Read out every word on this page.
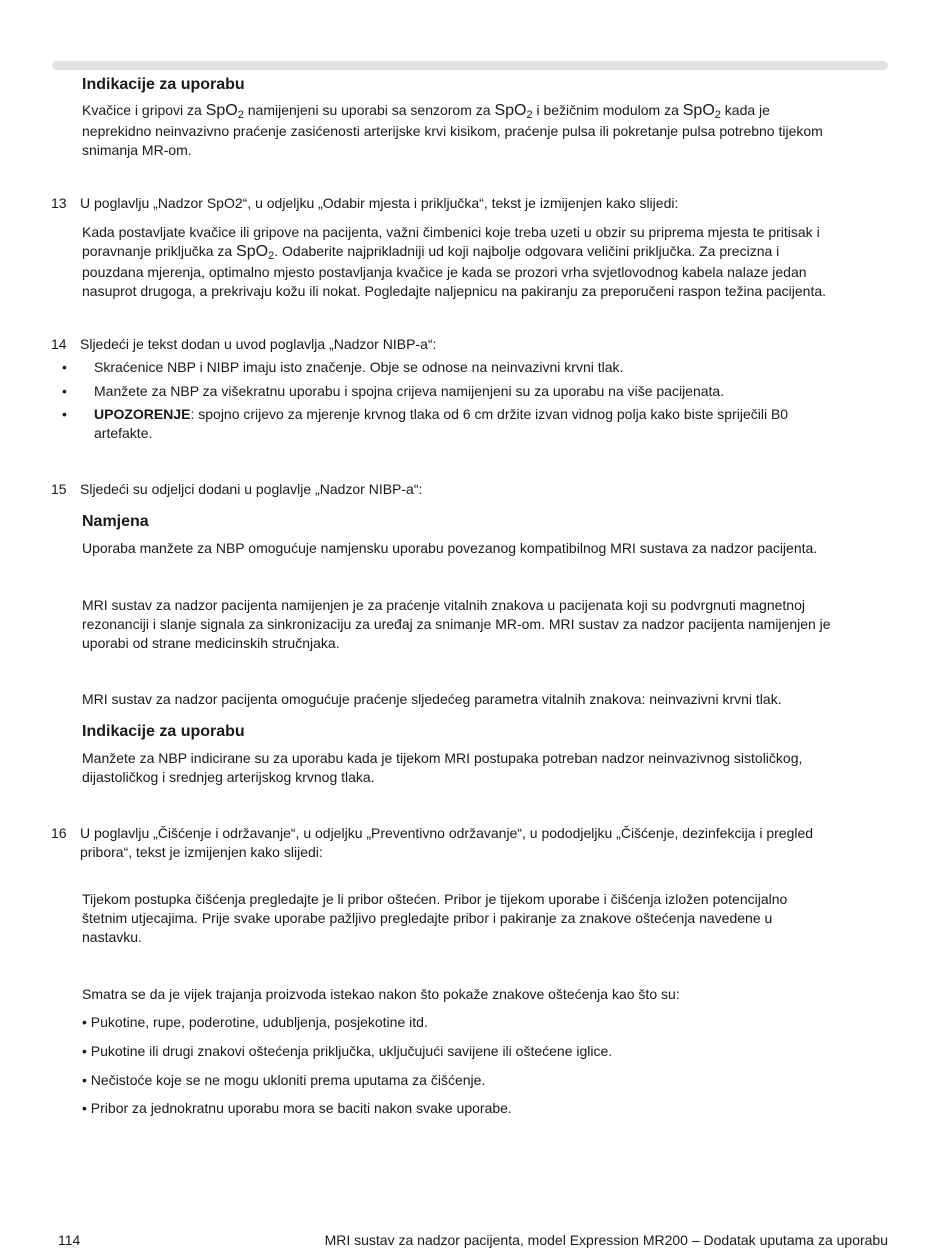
Indikacije za uporabu
Kvačice i gripovi za SpO$_2$ namijenjeni su uporabi sa senzorom za SpO$_2$ i bežičnim modulom za SpO$_2$ kada je
neprekidno neinvazivno praćenje zasićenosti arterijske krvi kisikom, praćenje pulsa ili pokretanje pulsa potrebno tijekom
snimanja MR-om.
13 U poglavlju „Nadzor SpO2“, u odjeljku „Odabir mjesta i priključka“, tekst je izmijenjen kako slijedi:
Kada postavljate kvačice ili gripove na pacijenta, važni čimbenici koje treba uzeti u obzir su priprema mjesta te pritisak i
poravnanje priključka za SpO$_2$. Odaberite najprikladniji ud koji najbolje odgovara veličini priključka. Za precizna i
pouzdana mjerenja, optimalno mjesto postavljanja kvačice je kada se prozori vrha svjetlovodnog kabela nalaze jedan
nasuprot drugoga, a prekrivaju kožu ili nokat. Pogledajte naljepnicu na pakiranju za preporučeni raspon težina pacijenta.
14 Sljedeći je tekst dodan u uvod poglavlja „Nadzor NIBP-a“:
• Skraćenice NBP i NIBP imaju isto značenje. Obje se odnose na neinvazivni krvni tlak.
• Manžete za NBP za višekratnu uporabu i spojna crijeva namijenjeni su za uporabu na više pacijenata.
• UPOZORENJE: spojno crijevo za mjerenje krvnog tlaka od 6 cm držite izvan vidnog polja kako biste spriječili B0
artefakte.
15 Sljedeći su odjeljci dodani u poglavlje „Nadzor NIBP-a“:
Namjena
Uporaba manžete za NBP omogućuje namjensku uporabu povezanog kompatibilnog MRI sustava za nadzor pacijenta.
MRI sustav za nadzor pacijenta namijenjen je za praćenje vitalnih znakova u pacijenata koji su podvrgnuti magnetnoj
rezonanciji i slanje signala za sinkronizaciju za uređaj za snimanje MR-om. MRI sustav za nadzor pacijenta namijenjen je
uporabi od strane medicinskih stručnjaka.
MRI sustav za nadzor pacijenta omogućuje praćenje sljedećeg parametra vitalnih znakova: neinvazivni krvni tlak.
Indikacije za uporabu
Manžete za NBP indicirane su za uporabu kada je tijekom MRI postupaka potreban nadzor neinvazivnog sistoličkog,
dijastoličkog i srednjeg arterijskog krvnog tlaka.
16 U poglavlju „Čišćenje i održavanje“, u odjeljku „Preventivno održavanje“, u pododjeljku „Čišćenje, dezinfekcija i pregled
pribora“, tekst je izmijenjen kako slijedi:
Tijekom postupka čišćenja pregledajte je li pribor oštećen. Pribor je tijekom uporabe i čišćenja izložen potencijalno
štetnim utjecajima. Prije svake uporabe pažljivo pregledajte pribor i pakiranje za znakove oštećenja navedene u
nastavku.
Smatra se da je vijek trajanja proizvoda istekao nakon što pokaže znakove oštećenja kao što su:
• Pukotine, rupe, poderotine, udubljenja, posjekotine itd.
• Pukotine ili drugi znakovi oštećenja priključka, uključujući savijene ili oštećene iglice.
• Nečistoće koje se ne mogu ukloniti prema uputama za čišćenje.
• Pribor za jednokratnu uporabu mora se baciti nakon svake uporabe.
114	MRI sustav za nadzor pacijenta, model Expression MR200 – Dodatak uputama za uporabu
